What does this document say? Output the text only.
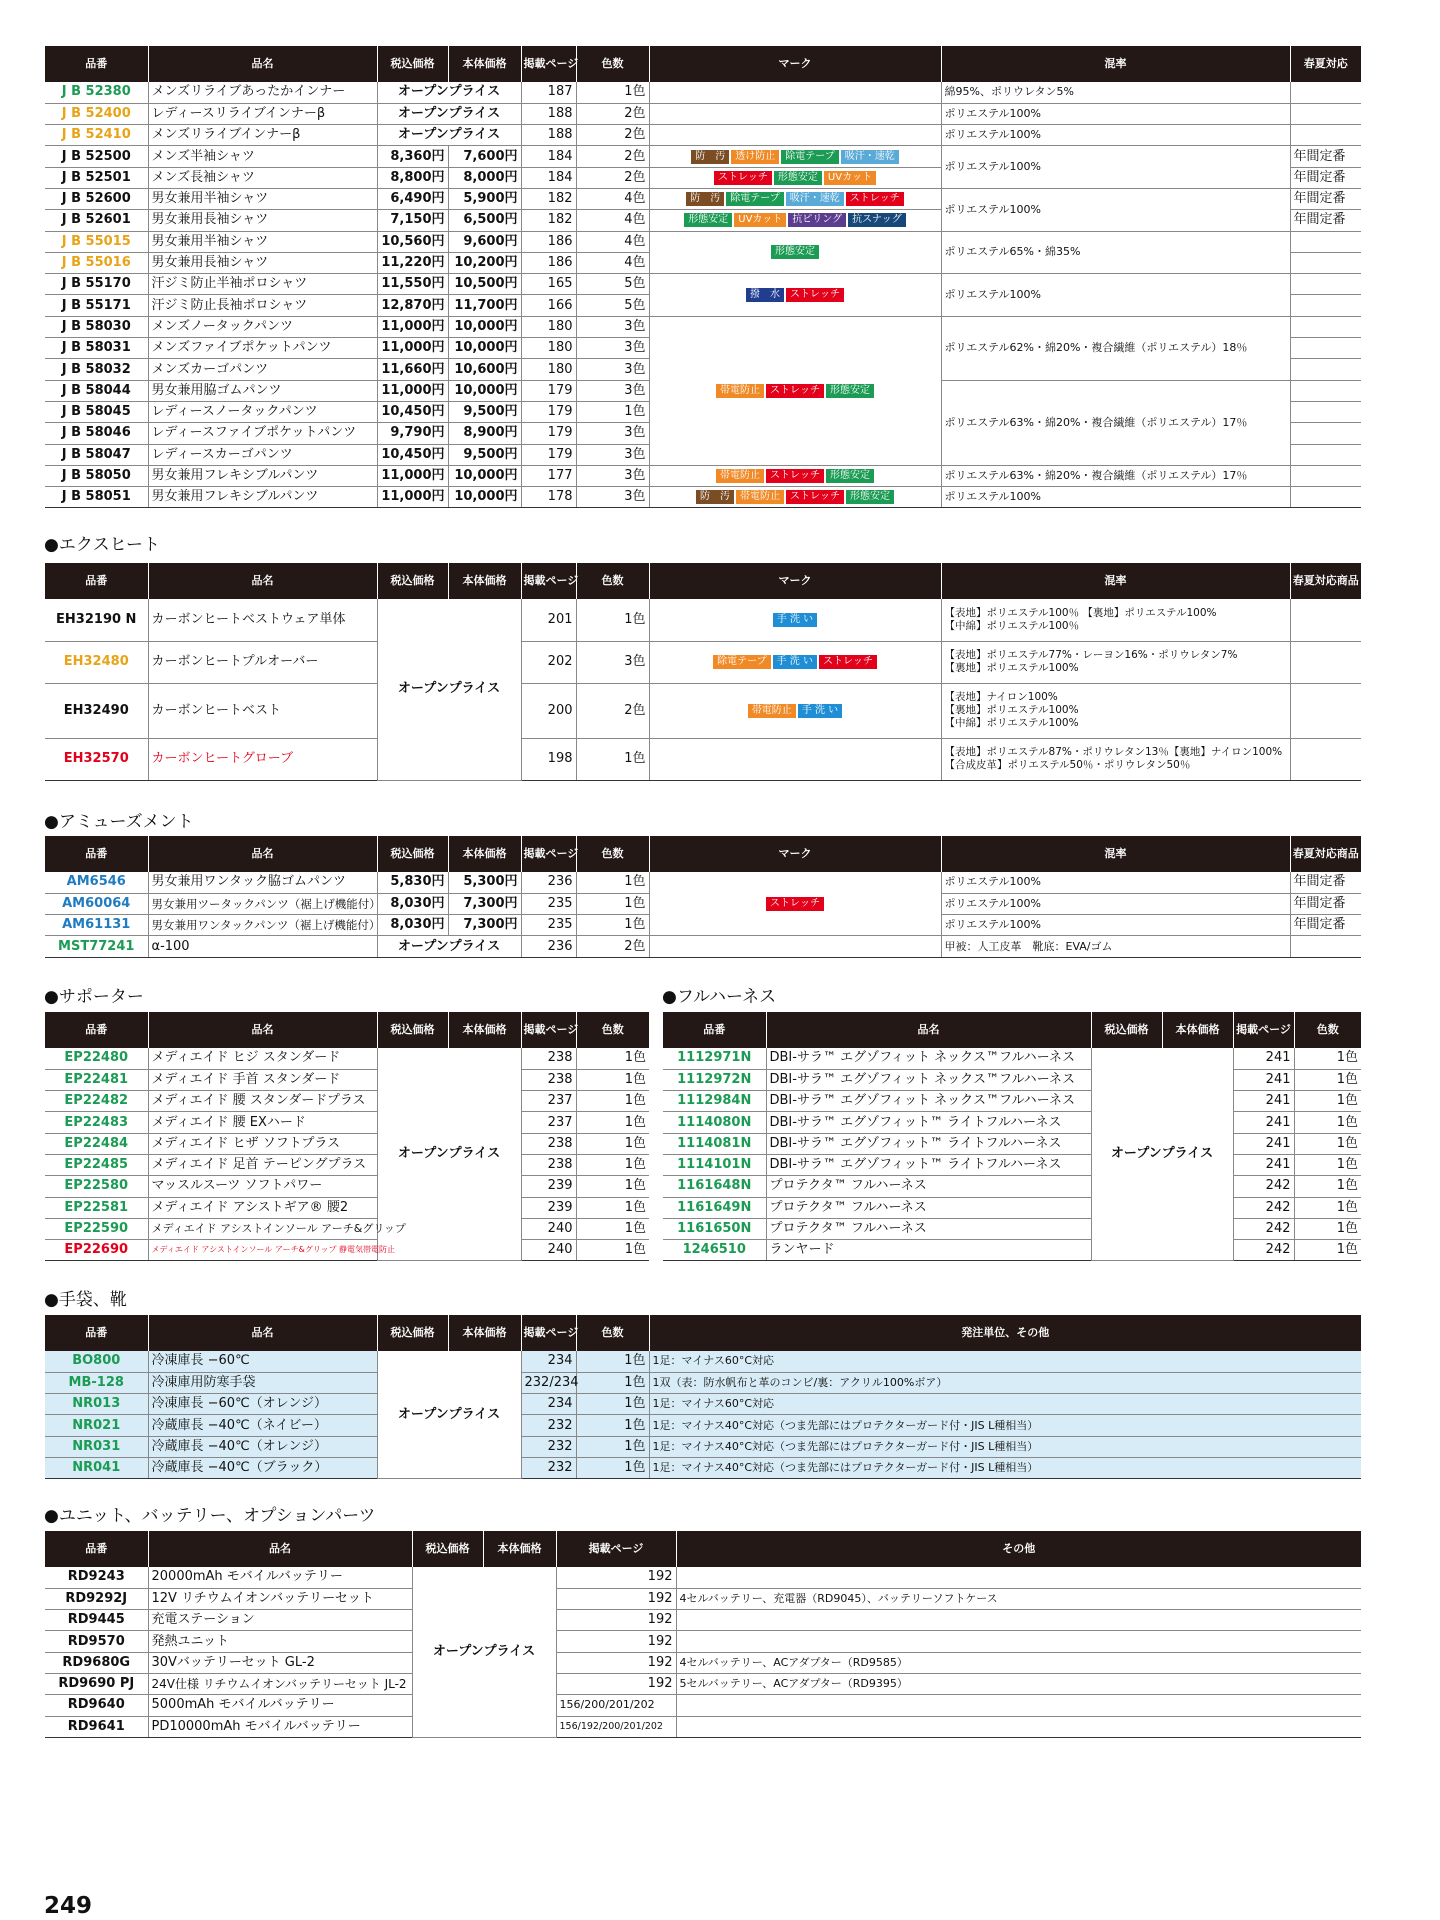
品番	品名	税込価格	本体価格	掲載ページ	色数	マーク	混率	春夏対応
J B 52380	メンズリライブあったかインナー	オープンプライス		187	1色		綿95%、ポリウレタン5%	
J B 52400	レディースリライブインナーβ	オープンプライス		188	2色		ポリエステル100%	
J B 52410	メンズリライブインナーβ	オープンプライス		188	2色		ポリエステル100%	
J B 52500	メンズ半袖シャツ	8,360円	7,600円	184	2色	防　汚 透け防止 除電テープ 吸汗・速乾	ポリエステル100%	年間定番
J B 52501	メンズ長袖シャツ	8,800円	8,000円	184	2色	ストレッチ 形態安定 UVカット		年間定番
J B 52600	男女兼用半袖シャツ	6,490円	5,900円	182	4色	防　汚 除電テープ 吸汗・速乾 ストレッチ	ポリエステル100%	年間定番
J B 52601	男女兼用長袖シャツ	7,150円	6,500円	182	4色	形態安定 UVカット 抗ピリング 抗スナッグ		年間定番
J B 55015	男女兼用半袖シャツ	10,560円	9,600円	186	4色	形態安定	ポリエステル65%・綿35%	
J B 55016	男女兼用長袖シャツ	11,220円	10,200円	186	4色			
J B 55170	汗ジミ防止半袖ポロシャツ	11,550円	10,500円	165	5色	撥　水 ストレッチ	ポリエステル100%	
J B 55171	汗ジミ防止長袖ポロシャツ	12,870円	11,700円	166	5色			
J B 58030	メンズノータックパンツ	11,000円	10,000円	180	3色	帯電防止 ストレッチ 形態安定	ポリエステル62%・綿20%・複合繊維（ポリエステル）18％	
J B 58031	メンズファイブポケットパンツ	11,000円	10,000円	180	3色			
J B 58032	メンズカーゴパンツ	11,660円	10,600円	180	3色			
J B 58044	男女兼用脇ゴムパンツ	11,000円	10,000円	179	3色		ポリエステル63%・綿20%・複合繊維（ポリエステル）17％	
J B 58045	レディースノータックパンツ	10,450円	9,500円	179	1色			
J B 58046	レディースファイブポケットパンツ	9,790円	8,900円	179	3色			
J B 58047	レディースカーゴパンツ	10,450円	9,500円	179	3色			
J B 58050	男女兼用フレキシブルパンツ	11,000円	10,000円	177	3色	帯電防止 ストレッチ 形態安定	ポリエステル63%・綿20%・複合繊維（ポリエステル）17％	
J B 58051	男女兼用フレキシブルパンツ	11,000円	10,000円	178	3色	防　汚 帯電防止 ストレッチ 形態安定	ポリエステル100%	
●エクスヒート
品番	品名	税込価格	本体価格	掲載ページ	色数	マーク	混率	春夏対応商品
EH32190 N	カーボンヒートベストウェア単体	オープンプライス		201	1色	手 洗 い	【表地】ポリエステル100％ 【裏地】ポリエステル100%
【中綿】ポリエステル100％	

EH32480	カーボンヒートプルオーバー			202	3色	除電テープ 手 洗 い ストレッチ	【表地】ポリエステル77%・レーヨン16%・ポリウレタン7%
【裏地】ポリエステル100%	

EH32490	カーボンヒートベスト			200	2色	帯電防止 手 洗 い	【表地】ナイロン100%
【裏地】ポリエステル100%
【中綿】ポリエステル100%	

EH32570	カーボンヒートグローブ			198	1色		【表地】ポリエステル87%・ポリウレタン13％【裏地】ナイロン100%
【合成皮革】ポリエステル50％・ポリウレタン50％	

●アミューズメント
品番	品名	税込価格	本体価格	掲載ページ	色数	マーク	混率	春夏対応商品
AM6546	男女兼用ワンタック脇ゴムパンツ	5,830円	5,300円	236	1色	ストレッチ	ポリエステル100%	年間定番
AM60064	男女兼用ツータックパンツ（裾上げ機能付）	8,030円	7,300円	235	1色		ポリエステル100%	年間定番
AM61131	男女兼用ワンタックパンツ（裾上げ機能付）	8,030円	7,300円	235	1色		ポリエステル100%	年間定番
MST77241	α-100	オープンプライス		236	2色		甲被：人工皮革　靴底：EVA/ゴム	
●サポーター
品番	品名	税込価格	本体価格	掲載ページ	色数
EP22480	メディエイド ヒジ スタンダード	オープンプライス		238	1色
EP22481	メディエイド 手首 スタンダード			238	1色
EP22482	メディエイド 腰 スタンダードプラス			237	1色
EP22483	メディエイド 腰 EXハード			237	1色
EP22484	メディエイド ヒザ ソフトプラス			238	1色
EP22485	メディエイド 足首 テーピングプラス			238	1色
EP22580	マッスルスーツ ソフトパワー			239	1色
EP22581	メディエイド アシストギア® 腰2			239	1色
EP22590	メディエイド アシストインソール アーチ&グリップ			240	1色
EP22690	メディエイド アシストインソール アーチ&グリップ 静電気帯電防止			240	1色
●フルハーネス
品番	品名	税込価格	本体価格	掲載ページ	色数
1112971N	DBI-サラ™ エグゾフィット ネックス™フルハーネス	オープンプライス		241	1色
1112972N	DBI-サラ™ エグゾフィット ネックス™フルハーネス			241	1色
1112984N	DBI-サラ™ エグゾフィット ネックス™フルハーネス			241	1色
1114080N	DBI-サラ™ エグゾフィット™ ライトフルハーネス			241	1色
1114081N	DBI-サラ™ エグゾフィット™ ライトフルハーネス			241	1色
1114101N	DBI-サラ™ エグゾフィット™ ライトフルハーネス			241	1色
1161648N	プロテクタ™ フルハーネス			242	1色
1161649N	プロテクタ™ フルハーネス			242	1色
1161650N	プロテクタ™ フルハーネス			242	1色
1246510	ランヤード			242	1色
●手袋、靴
品番	品名	税込価格	本体価格	掲載ページ	色数	発注単位、その他
BO800	冷凍庫長 −60℃	オープンプライス		234	1色	1足：マイナス60°C対応
MB-128	冷凍庫用防寒手袋			232/234	1色	1双（表：防水帆布と革のコンビ/裏：アクリル100%ボア）
NR013	冷凍庫長 −60℃（オレンジ）			234	1色	1足：マイナス60°C対応
NR021	冷蔵庫長 −40℃（ネイビー）			232	1色	1足：マイナス40°C対応（つま先部にはプロテクターガード付・JIS L種相当）
NR031	冷蔵庫長 −40℃（オレンジ）			232	1色	1足：マイナス40°C対応（つま先部にはプロテクターガード付・JIS L種相当）
NR041	冷蔵庫長 −40℃（ブラック）			232	1色	1足：マイナス40°C対応（つま先部にはプロテクターガード付・JIS L種相当）
●ユニット、バッテリー、オプションパーツ
品番	品名	税込価格	本体価格	掲載ページ	その他
RD9243	20000mAh モバイルバッテリー	オープンプライス		192	
RD9292J	12V リチウムイオンバッテリーセット			192	4セルバッテリー、充電器（RD9045）、バッテリーソフトケース
RD9445	充電ステーション			192	
RD9570	発熱ユニット			192	
RD9680G	30Vバッテリーセット GL-2			192	4セルバッテリー、ACアダプター（RD9585）
RD9690 PJ	24V仕様 リチウムイオンバッテリーセット JL-2			192	5セルバッテリー、ACアダプター（RD9395）
RD9640	5000mAh モバイルバッテリー			156/200/201/202	
RD9641	PD10000mAh モバイルバッテリー			156/192/200/201/202	
249
